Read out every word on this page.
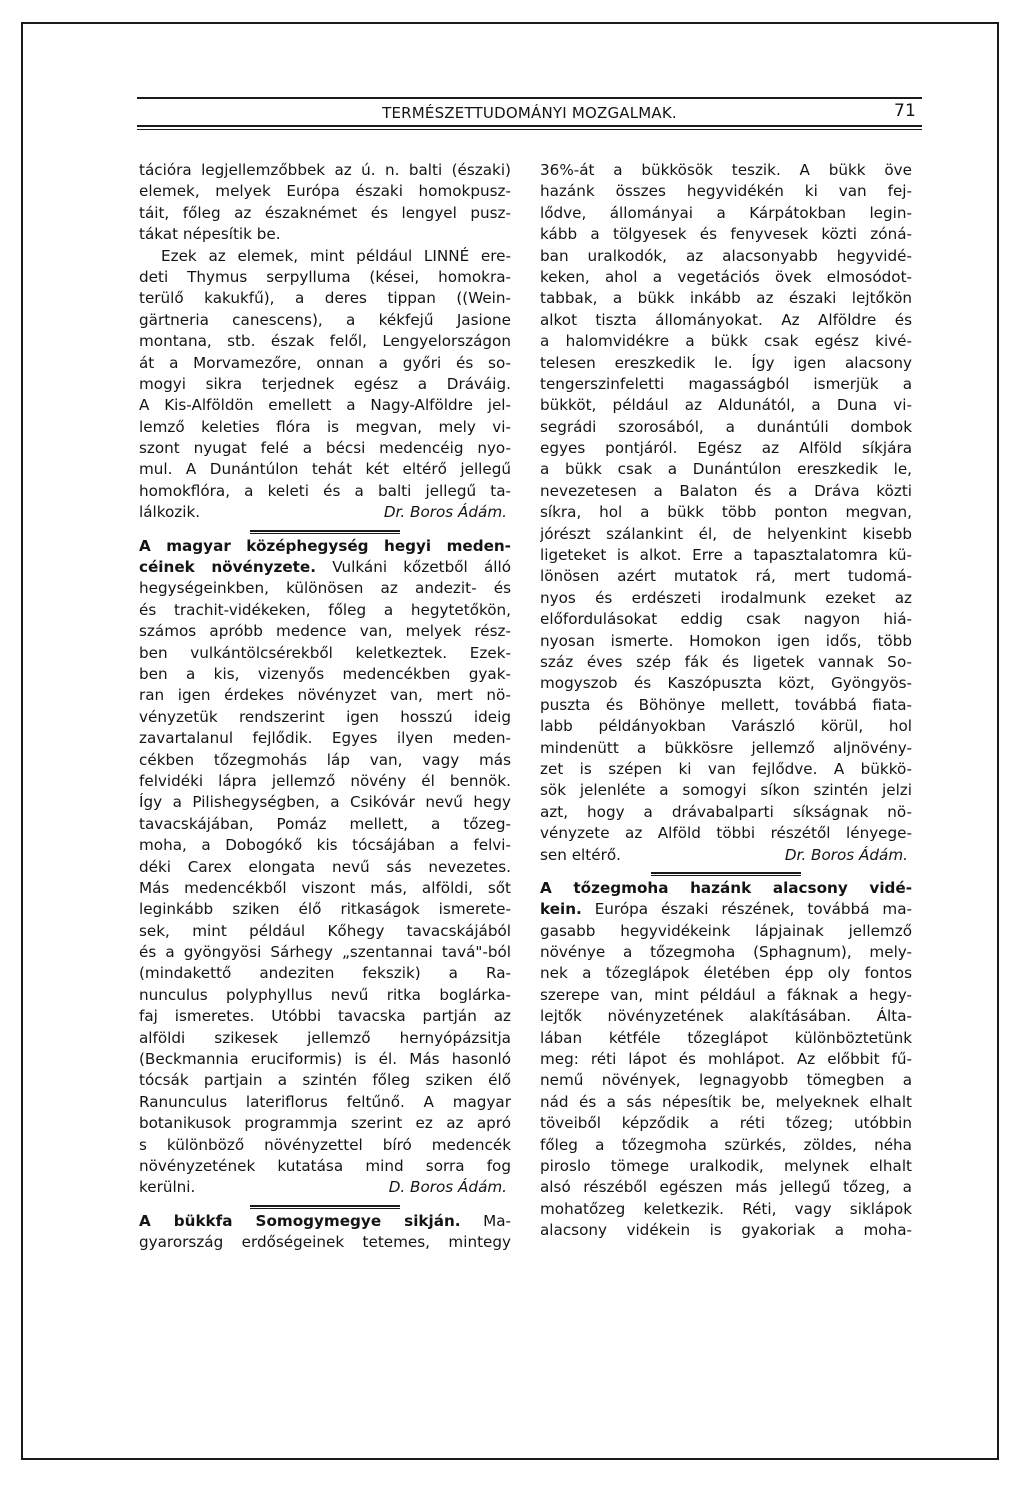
TERMÉSZETTUDOMÁNYI MOZGALMAK.	71
tációra legjellemzőbbek az ú. n. balti (északi)
elemek, melyek Európa északi homokpusz-
táit, főleg az északnémet és lengyel pusz-
tákat népesítik be.
Ezek az elemek, mint például LINNÉ ere-
deti Thymus serpylluma (kései, homokra-
terülő kakukfű), a deres tippan ((Wein-
gärtneria canescens), a kékfejű Jasione
montana, stb. észak felől, Lengyelországon
át a Morvamezőre, onnan a győri és so-
mogyi sikra terjednek egész a Dráváig.
A Kis-Alföldön emellett a Nagy-Alföldre jel-
lemző keleties flóra is megvan, mely vi-
szont nyugat felé a bécsi medencéig nyo-
mul. A Dunántúlon tehát két eltérő jellegű
homokflóra, a keleti és a balti jellegű ta-
lálkozik.	Dr. Boros Ádám.
A magyar középhegység hegyi meden-
céinek növényzete. Vulkáni kőzetből álló
hegységeinkben, különösen az andezit- és
és trachit-vidékeken, főleg a hegytetőkön,
számos apróbb medence van, melyek rész-
ben vulkántölcsérekből keletkeztek. Ezek-
ben a kis, vizenyős medencékben gyak-
ran igen érdekes növényzet van, mert nö-
vényzetük rendszerint igen hosszú ideig
zavartalanul fejlődik. Egyes ilyen meden-
cékben tőzegmohás láp van, vagy más
felvidéki lápra jellemző növény él bennök.
Így a Pilishegységben, a Csikóvár nevű hegy
tavacskájában, Pomáz mellett, a tőzeg-
moha, a Dobogókő kis tócsájában a felvi-
déki Carex elongata nevű sás nevezetes.
Más medencékből viszont más, alföldi, sőt
leginkább sziken élő ritkaságok ismerete-
sek, mint például Kőhegy tavacskájából
és a gyöngyösi Sárhegy „szentannai tavá"-ból
(mindakettő andeziten fekszik) a Ra-
nunculus polyphyllus nevű ritka boglárka-
faj ismeretes. Utóbbi tavacska partján az
alföldi szikesek jellemző hernyópázsitja
(Beckmannia eruciformis) is él. Más hasonló
tócsák partjain a szintén főleg sziken élő
Ranunculus lateriflorus feltűnő. A magyar
botanikusok programmja szerint ez az apró
s különböző növényzettel bíró medencék
növényzetének kutatása mind sorra fog
kerülni.	D. Boros Ádám.
A bükkfa Somogymegye sikján. Ma-
gyarország erdőségeinek tetemes, mintegy
36%-át a bükkösök teszik. A bükk öve
hazánk összes hegyvidékén ki van fej-
lődve, állományai a Kárpátokban legin-
kább a tölgyesek és fenyvesek közti zóná-
ban uralkodók, az alacsonyabb hegyvidé-
keken, ahol a vegetációs övek elmosódot-
tabbak, a bükk inkább az északi lejtőkön
alkot tiszta állományokat. Az Alföldre és
a halomvidékre a bükk csak egész kivé-
telesen ereszkedik le. Így igen alacsony
tengerszinfeletti magasságból ismerjük a
bükköt, például az Aldunától, a Duna vi-
segrádi szorosából, a dunántúli dombok
egyes pontjáról. Egész az Alföld síkjára
a bükk csak a Dunántúlon ereszkedik le,
nevezetesen a Balaton és a Dráva közti
síkra, hol a bükk több ponton megvan,
jórészt szálankint él, de helyenkint kisebb
ligeteket is alkot. Erre a tapasztalatomra kü-
lönösen azért mutatok rá, mert tudomá-
nyos és erdészeti irodalmunk ezeket az
előfordulásokat eddig csak nagyon hiá-
nyosan ismerte. Homokon igen idős, több
száz éves szép fák és ligetek vannak So-
mogyszob és Kaszópuszta közt, Gyöngyös-
puszta és Böhönye mellett, továbbá fiata-
labb példányokban Varászló körül, hol
mindenütt a bükkösre jellemző aljnövény-
zet is szépen ki van fejlődve. A bükkö-
sök jelenléte a somogyi síkon szintén jelzi
azt, hogy a drávabalparti síkságnak nö-
vényzete az Alföld többi részétől lényege-
sen eltérő.	Dr. Boros Ádám.
A tőzegmoha hazánk alacsony vidé-
kein. Európa északi részének, továbbá ma-
gasabb hegyvidékeink lápjainak jellemző
növénye a tőzegmoha (Sphagnum), mely-
nek a tőzeglápok életében épp oly fontos
szerepe van, mint például a fáknak a hegy-
lejtők növényzetének alakításában. Álta-
lában kétféle tőzeglápot különböztetünk
meg: réti lápot és mohlápot. Az előbbit fű-
nemű növények, legnagyobb tömegben a
nád és a sás népesítik be, melyeknek elhalt
töveiből képződik a réti tőzeg; utóbbin
főleg a tőzegmoha szürkés, zöldes, néha
piroslo tömege uralkodik, melynek elhalt
alsó részéből egészen más jellegű tőzeg, a
mohatőzeg keletkezik. Réti, vagy siklápok
alacsony vidékein is gyakoriak a moha-
